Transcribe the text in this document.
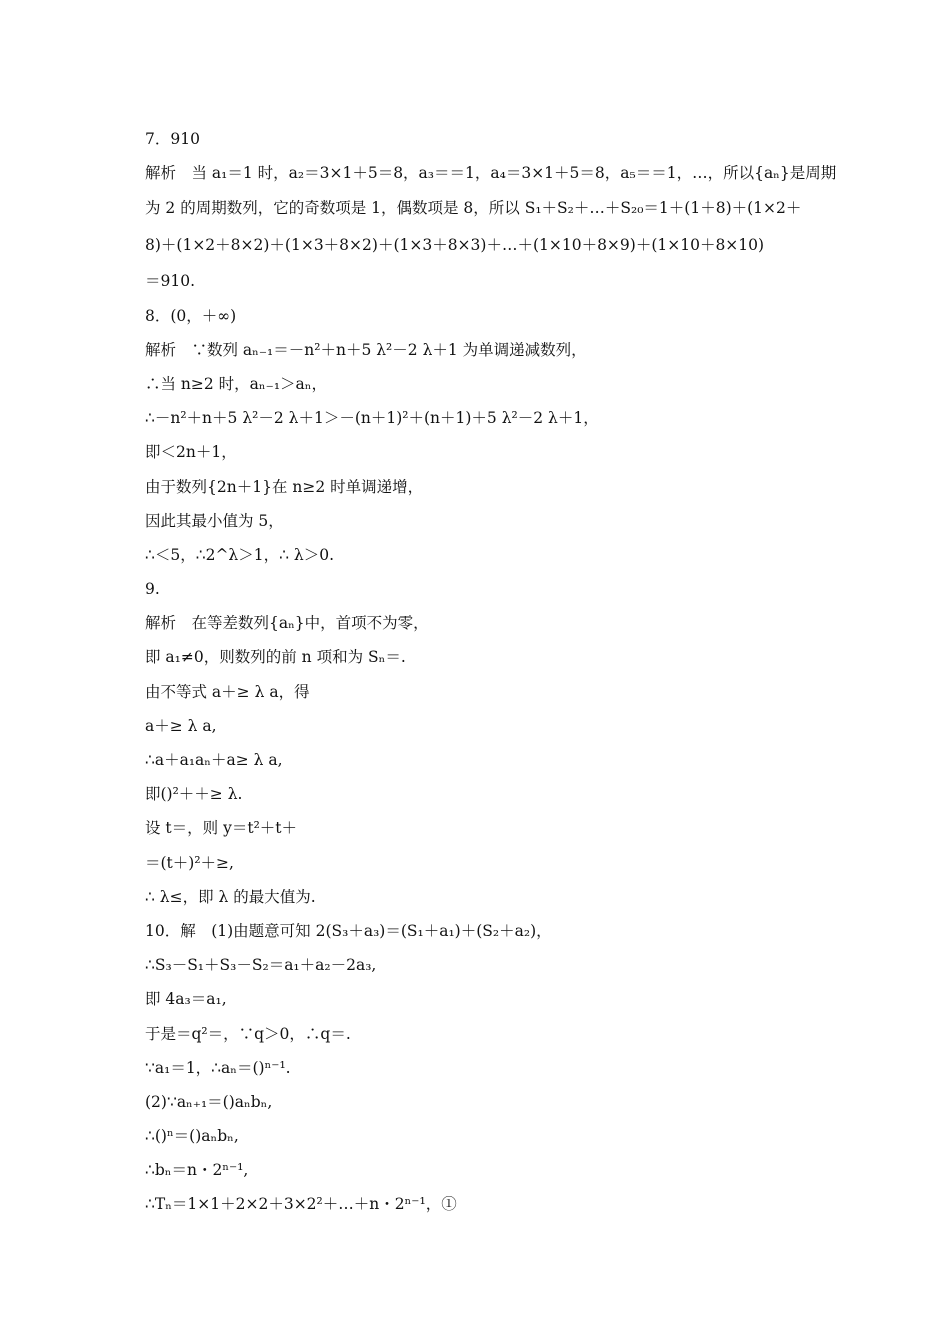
7．910
解析　当 a₁＝1 时，a₂＝3×1＋5＝8，a₃＝＝1，a₄＝3×1＋5＝8，a₅＝＝1，…，所以{aₙ}是周期
为 2 的周期数列，它的奇数项是 1，偶数项是 8，所以 S₁＋S₂＋…＋S₂₀＝1＋(1＋8)＋(1×2＋
8)＋(1×2＋8×2)＋(1×3＋8×2)＋(1×3＋8×3)＋…＋(1×10＋8×9)＋(1×10＋8×10)
＝910.
8．(0，＋∞)
解析　∵数列 aₙ₋₁＝－n²＋n＋5 λ²－2 λ＋1 为单调递减数列，
∴当 n≥2 时，aₙ₋₁＞aₙ，
∴－n²＋n＋5 λ²－2 λ＋1＞－(n＋1)²＋(n＋1)＋5 λ²－2 λ＋1，
即＜2n＋1，
由于数列{2n＋1}在 n≥2 时单调递增，
因此其最小值为 5，
∴＜5，∴2^λ＞1，∴ λ＞0.
9.
解析　在等差数列{aₙ}中，首项不为零，
即 a₁≠0，则数列的前 n 项和为 Sₙ＝.
由不等式 a＋≥ λ a，得
a＋≥ λ a,
∴a＋a₁aₙ＋a≥ λ a,
即()²＋＋≥ λ.
设 t＝，则 y＝t²＋t＋
＝(t＋)²＋≥,
∴ λ≤，即 λ 的最大值为.
10．解　(1)由题意可知 2(S₃＋a₃)＝(S₁＋a₁)＋(S₂＋a₂)，
∴S₃－S₁＋S₃－S₂＝a₁＋a₂－2a₃,
即 4a₃＝a₁,
于是＝q²＝，∵q＞0，∴q＝.
∵a₁＝1，∴aₙ＝()ⁿ⁻¹.
(2)∵aₙ₊₁＝()aₙbₙ,
∴()ⁿ＝()aₙbₙ,
∴bₙ＝n・2ⁿ⁻¹,
∴Tₙ＝1×1＋2×2＋3×2²＋…＋n・2ⁿ⁻¹，①
